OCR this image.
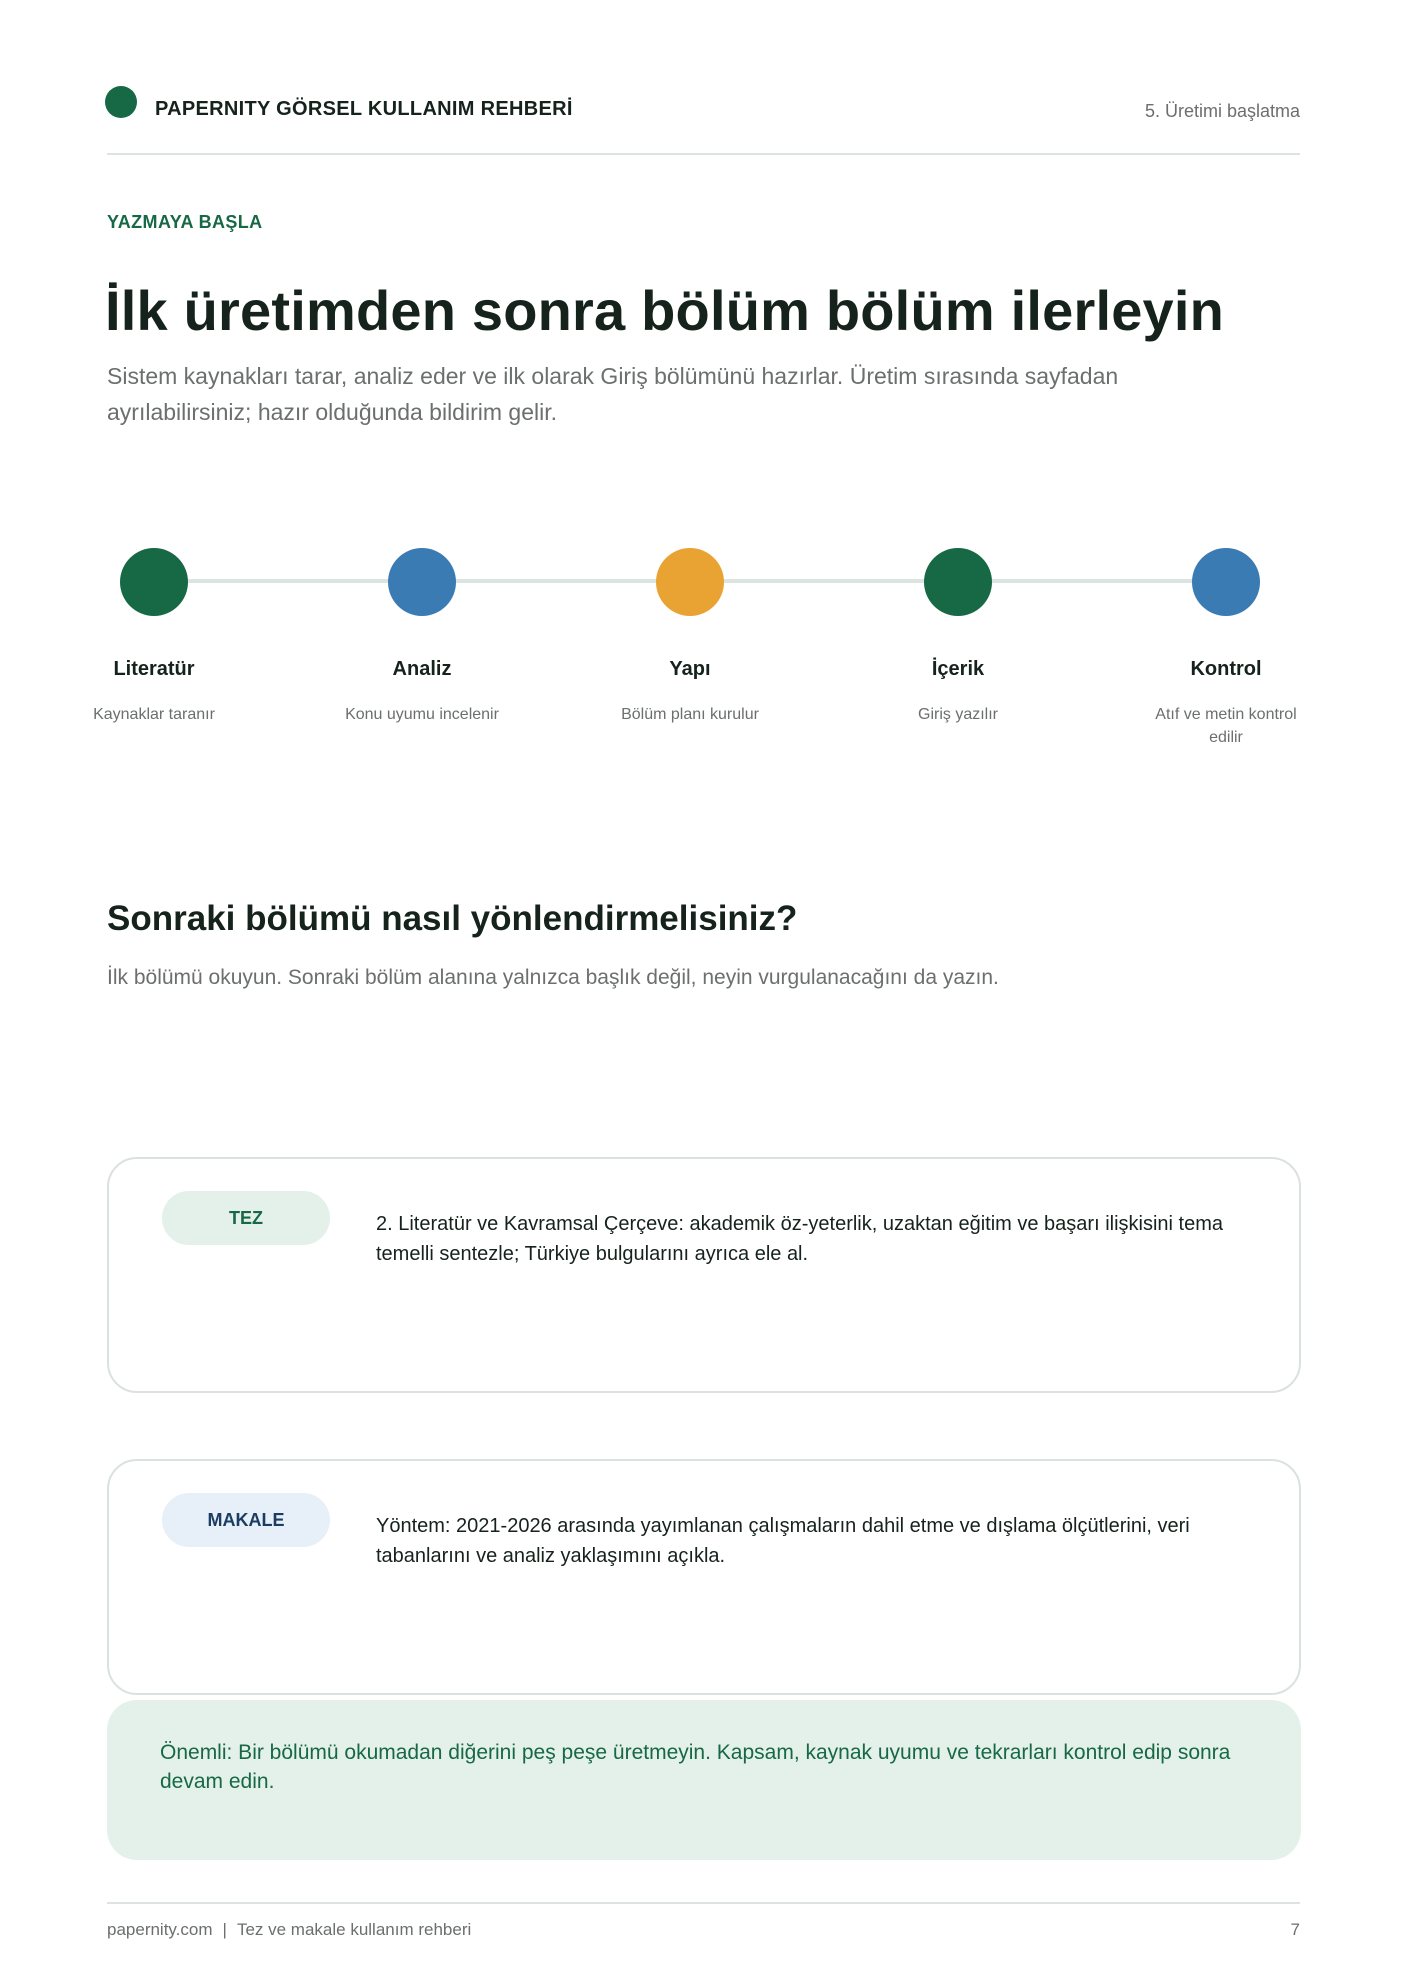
PAPERNITY GÖRSEL KULLANIM REHBERİ	5. Üretimi başlatma
YAZMAYA BAŞLA
İlk üretimden sonra bölüm bölüm ilerleyin

Sistem kaynakları tarar, analiz eder ve ilk olarak Giriş bölümünü hazırlar. Üretim sırasında sayfadan ayrılabilirsiniz; hazır olduğunda bildirim gelir.

Literatür
Kaynaklar taranır
Analiz
Konu uyumu incelenir
Yapı
Bölüm planı kurulur
İçerik
Giriş yazılır
Kontrol
Atıf ve metin kontrol edilir
Sonraki bölümü nasıl yönlendirmelisiniz?

İlk bölümü okuyun. Sonraki bölüm alanına yalnızca başlık değil, neyin vurgulanacağını da yazın.

TEZ	2. Literatür ve Kavramsal Çerçeve: akademik öz-yeterlik, uzaktan eğitim ve başarı ilişkisini tema temelli sentezle; Türkiye bulgularını ayrıca ele al.
MAKALE	Yöntem: 2021-2026 arasında yayımlanan çalışmaların dahil etme ve dışlama ölçütlerini, veri tabanlarını ve analiz yaklaşımını açıkla.
Önemli: Bir bölümü okumadan diğerini peş peşe üretmeyin. Kapsam, kaynak uyumu ve tekrarları kontrol edip sonra devam edin.
papernity.com | Tez ve makale kullanım rehberi	7
